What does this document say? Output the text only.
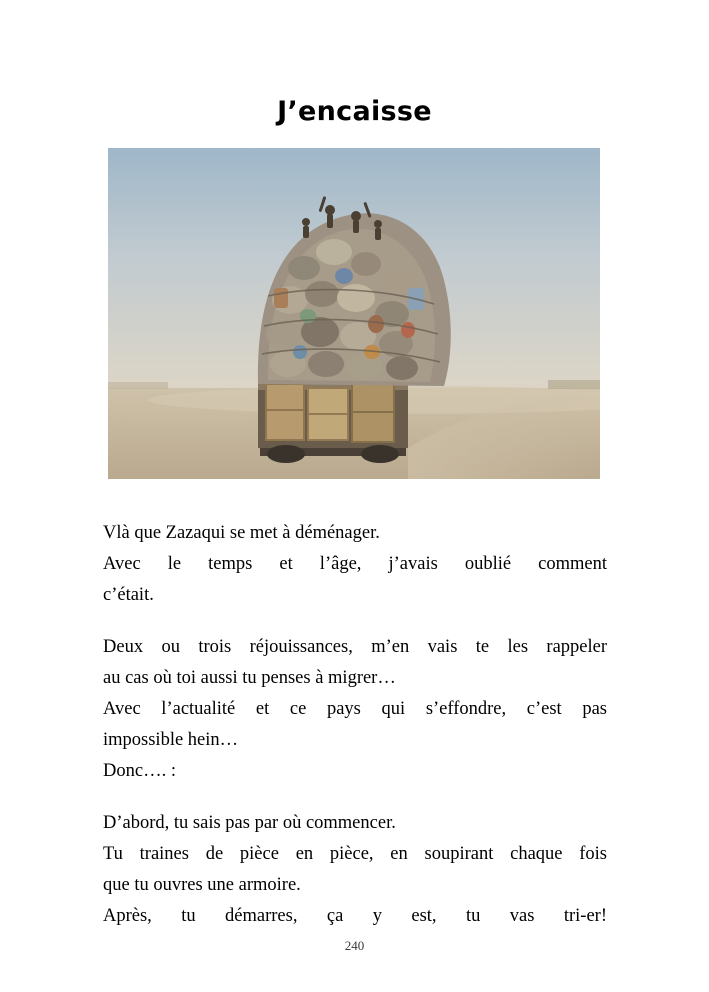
J’encaisse

Vlà que Zazaqui se met à déménager.
Avec le temps et l’âge, j’avais oublié comment
c’était.

Deux ou trois réjouissances, m’en vais te les rappeler
au cas où toi aussi tu penses à migrer…
Avec l’actualité et ce pays qui s’effondre, c’est pas
impossible hein…
Donc…. :

D’abord, tu sais pas par où commencer.
Tu traines de pièce en pièce, en soupirant chaque fois
que tu ouvres une armoire.
Après, tu démarres, ça y est, tu vas tri-er!

240
